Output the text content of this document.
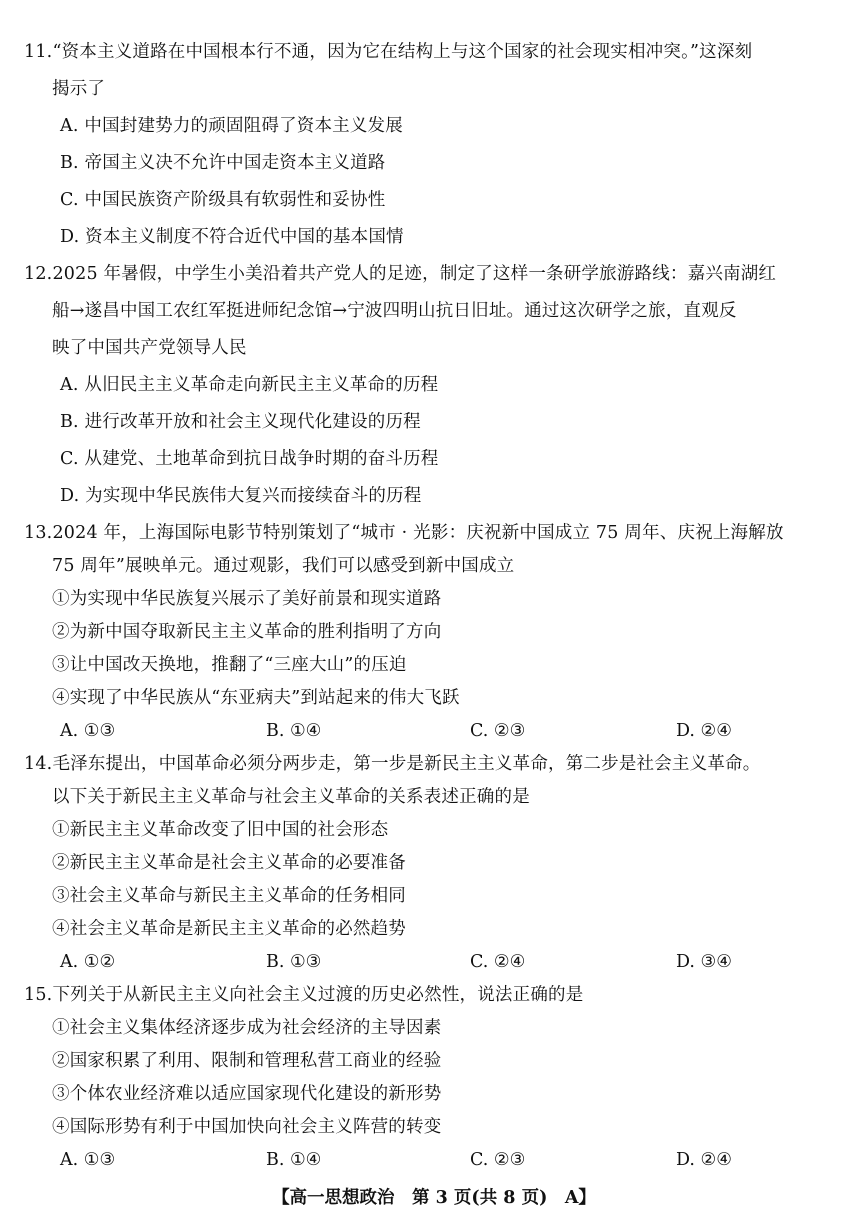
11.“资本主义道路在中国根本行不通，因为它在结构上与这个国家的社会现实相冲突。”这深刻
揭示了
A. 中国封建势力的顽固阻碍了资本主义发展
B. 帝国主义决不允许中国走资本主义道路
C. 中国民族资产阶级具有软弱性和妥协性
D. 资本主义制度不符合近代中国的基本国情
12.2025 年暑假，中学生小美沿着共产党人的足迹，制定了这样一条研学旅游路线：嘉兴南湖红
船→遂昌中国工农红军挺进师纪念馆→宁波四明山抗日旧址。通过这次研学之旅，直观反
映了中国共产党领导人民
A. 从旧民主主义革命走向新民主主义革命的历程
B. 进行改革开放和社会主义现代化建设的历程
C. 从建党、土地革命到抗日战争时期的奋斗历程
D. 为实现中华民族伟大复兴而接续奋斗的历程
13.2024 年，上海国际电影节特别策划了“城市 · 光影：庆祝新中国成立 75 周年、庆祝上海解放
75 周年”展映单元。通过观影，我们可以感受到新中国成立
①为实现中华民族复兴展示了美好前景和现实道路
②为新中国夺取新民主主义革命的胜利指明了方向
③让中国改天换地，推翻了“三座大山”的压迫
④实现了中华民族从“东亚病夫”到站起来的伟大飞跃
A. ①③	B. ①④	C. ②③	D. ②④
14.毛泽东提出，中国革命必须分两步走，第一步是新民主主义革命，第二步是社会主义革命。
以下关于新民主主义革命与社会主义革命的关系表述正确的是
①新民主主义革命改变了旧中国的社会形态
②新民主主义革命是社会主义革命的必要准备
③社会主义革命与新民主主义革命的任务相同
④社会主义革命是新民主主义革命的必然趋势
A. ①②	B. ①③	C. ②④	D. ③④
15.下列关于从新民主主义向社会主义过渡的历史必然性，说法正确的是
①社会主义集体经济逐步成为社会经济的主导因素
②国家积累了利用、限制和管理私营工商业的经验
③个体农业经济难以适应国家现代化建设的新形势
④国际形势有利于中国加快向社会主义阵营的转变
A. ①③	B. ①④	C. ②③	D. ②④
【高一思想政治　第 3 页(共 8 页)　A】
